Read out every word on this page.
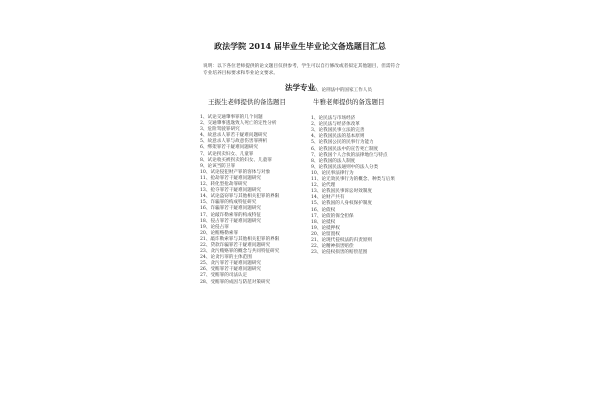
政法学院 2014 届毕业生毕业论文备选题目汇总
说明：以下各位老师提供的论文题目仅供参考，学生可以自行修改或者拟定其他题目，但需符合专业培养目标要求和毕业论文要求。
法学专业
王振生老师提供的备选题目
1、试论交通肇事罪的几个问题
2、交通肇事逃逸致人死亡的定性分析
3、危险驾驶罪研究
4、故意杀人罪若干疑难问题研究
5、故意杀人罪与故意伤害罪辨析
6、绑架罪若干疑难问题研究
7、试论拐卖妇女、儿童罪
8、试论收买被拐卖的妇女、儿童罪
9、论该当防卫罪
10、试论侵犯财产罪的客体与对象
11、抢劫罪若干疑难问题研究
12、转化型抢劫罪研究
13、抢夺罪若干疑难问题研究
14、试论盗窃罪与其他相关犯罪的界限
15、诈骗罪的构成特征研究
16、诈骗罪若干疑难问题研究
17、论敲诈勒索罪的构成特征
18、侵占罪若干疑难问题研究
19、论侵占罪
20、论贿赂勒索罪
21、敲诈勒索罪与其他相关犯罪的界限
22、贷款诈骗罪若干疑难问题研究
23、贪污贿赂罪的概念与共同特征研究
24、论贪污罪的主体范围
25、贪污罪若干疑难问题研究
26、受贿罪若干疑难问题研究
27、受贿罪的司法认定
28、受贿罪的成因与防范对策研究
30、论刑法中的国家工作人员
牛雅老师提供的备选题目
1、论民法与市场经济
2、论民法与经济体改革
3、论我国民事立法的完善
4、论我国民法的基本原则
5、论我国公民的民事行为能力
6、论我国民法中的宣告死亡制度
7、论我国个人合伙的法律地位与特点
8、论我国的法人制度
9、论我国民法通则中的法人分类
10、论民事法律行为
11、论无效民事行为的概念、种类与后果
12、论代理
13、论我国民事诉讼时效制度
14、论财产共有
15、论我国的人身权保护制度
16、论债权
17、论债的保全担保
18、论抵权
19、论抵押权
20、论留置权
21、论现代侵权法的归责原则
22、论精神损害赔偿
23、论侵权损害的赔偿范围
